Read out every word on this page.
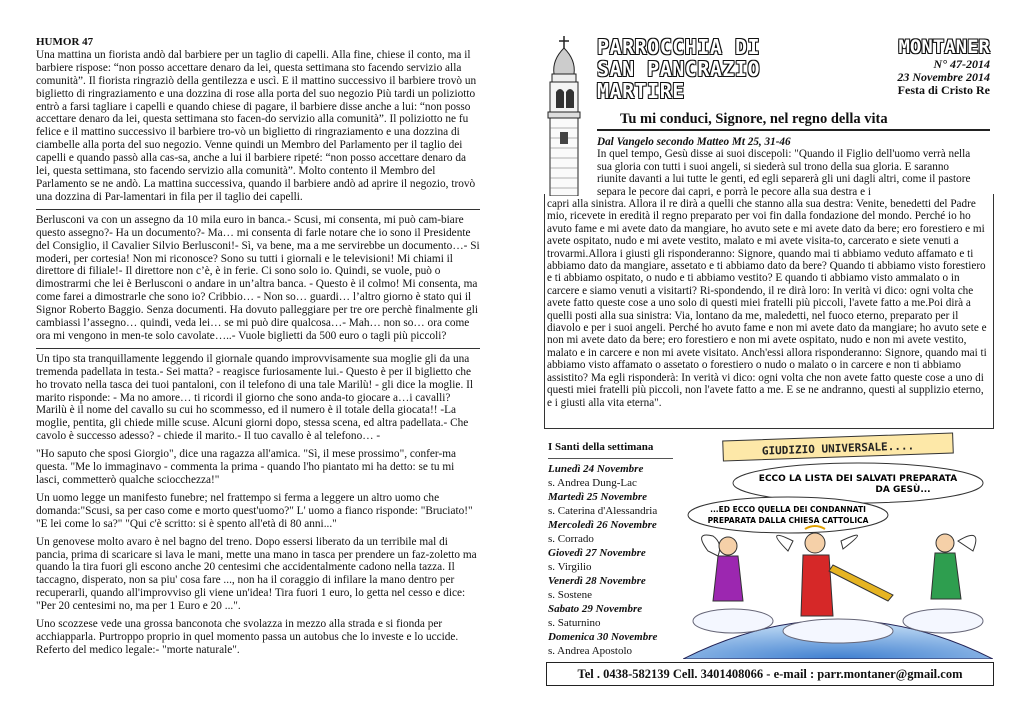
HUMOR 47

Una mattina un fiorista andò dal barbiere per un taglio di capelli. Alla fine, chiese il conto, ma il barbiere rispose: “non posso accettare denaro da lei, questa settimana sto facendo servizio alla comunità”. Il fiorista ringraziò della gentilezza e uscì. E il mattino successivo il barbiere trovò un biglietto di ringraziamento e una dozzina di rose alla porta del suo negozio Più tardi un poliziotto entrò a farsi tagliare i capelli e quando chiese di pagare, il barbiere disse anche a lui: “non posso accettare denaro da lei, questa settimana sto facen-do servizio alla comunità”. Il poliziotto ne fu felice e il mattino successivo il barbiere tro-vò un biglietto di ringraziamento e una dozzina di ciambelle alla porta del suo negozio. Venne quindi un Membro del Parlamento per il taglio dei capelli e quando passò alla cas-sa, anche a lui il barbiere ripeté: “non posso accettare denaro da lei, questa settimana, sto facendo servizio alla comunità”. Molto contento il Membro del Parlamento se ne andò. La mattina successiva, quando il barbiere andò ad aprire il negozio, trovò una dozzina di Par-lamentari in fila per il taglio dei capelli.

Berlusconi va con un assegno da 10 mila euro in banca.- Scusi, mi consenta, mi può cam-biare questo assegno?- Ha un documento?- Ma… mi consenta di farle notare che io sono il Presidente del Consiglio, il Cavalier Silvio Berlusconi!- Sì, va bene, ma a me servirebbe un documento…- Si moderi, per cortesia! Non mi riconosce? Sono su tutti i giornali e le televisioni! Mi chiami il direttore di filiale!- Il direttore non c’è, è in ferie. Ci sono solo io. Quindi, se vuole, può o dimostrarmi che lei è Berlusconi o andare in un’altra banca. - Questo è il colmo! Mi consenta, ma come farei a dimostrarle che sono io? Cribbio… - Non so… guardi… l’altro giorno è stato qui il Signor Roberto Baggio. Senza documenti. Ha dovuto palleggiare per tre ore perchè finalmente gli cambiassi l’assegno… quindi, veda lei… se mi può dire qualcosa…- Mah… non so… ora come ora mi vengono in men-te solo cavolate…..- Vuole biglietti da 500 euro o tagli più piccoli?

Un tipo sta tranquillamente leggendo il giornale quando improvvisamente sua moglie gli da una tremenda padellata in testa.- Sei matta? - reagisce furiosamente lui.- Questo è per il biglietto che ho trovato nella tasca dei tuoi pantaloni, con il telefono di una tale Marilù! - gli dice la moglie. Il marito risponde: - Ma no amore… ti ricordi il giorno che sono anda-to giocare a…i cavalli? Marilù è il nome del cavallo su cui ho scommesso, ed il numero è il totale della giocata!! -La moglie, pentita, gli chiede mille scuse. Alcuni giorni dopo, stessa scena, ed altra padellata.- Che cavolo è successo adesso? - chiede il marito.- Il tuo cavallo è al telefono… -

"Ho saputo che sposi Giorgio", dice una ragazza all'amica. "Sì, il mese prossimo", confer-ma questa. "Me lo immaginavo - commenta la prima - quando l'ho piantato mi ha detto: se tu mi lasci, commetterò qualche sciocchezza!"

Un uomo legge un manifesto funebre; nel frattempo si ferma a leggere un altro uomo che domanda:"Scusi, sa per caso come e morto quest'uomo?" L' uomo a fianco risponde: "Bruciato!" "E lei come lo sa?" "Qui c'è scritto: si è spento all'età di 80 anni..."

Un genovese molto avaro è nel bagno del treno. Dopo essersi liberato da un terribile mal di pancia, prima di scaricare si lava le mani, mette una mano in tasca per prendere un faz-zoletto ma quando la tira fuori gli escono anche 20 centesimi che accidentalmente cadono nella tazza. Il taccagno, disperato, non sa piu' cosa fare ..., non ha il coraggio di infilare la mano dentro per recuperarli, quando all'improvviso gli viene un'idea! Tira fuori 1 euro, lo getta nel cesso e dice: "Per 20 centesimi no, ma per 1 Euro e 20 ...".

Uno scozzese vede una grossa banconota che svolazza in mezzo alla strada e si fionda per acchiapparla. Purtroppo proprio in quel momento passa un autobus che lo investe e lo uccide. Referto del medico legale:- "morte naturale".

PARROCCHIA DI
SAN PANCRAZIO
MARTIRE
MONTANER
N° 47-2014
23 Novembre 2014
Festa di Cristo Re
Tu mi conduci, Signore, nel regno della vita
Dal Vangelo secondo Matteo Mt 25, 31-46
In quel tempo, Gesù disse ai suoi discepoli: "Quando il Figlio dell'uomo verrà nella sua gloria con tutti i suoi angeli, si siederà sul trono della sua gloria. E saranno riunite davanti a lui tutte le genti, ed egli separerà gli uni dagli altri, come il pastore separa le pecore dai capri, e porrà le pecore alla sua destra e i
capri alla sinistra. Allora il re dirà a quelli che stanno alla sua destra: Venite, benedetti del Padre mio, ricevete in eredità il regno preparato per voi fin dalla fondazione del mondo. Perché io ho avuto fame e mi avete dato da mangiare, ho avuto sete e mi avete dato da bere; ero forestiero e mi avete ospitato, nudo e mi avete vestito, malato e mi avete visita-to, carcerato e siete venuti a trovarmi.Allora i giusti gli risponderanno: Signore, quando mai ti abbiamo veduto affamato e ti abbiamo dato da mangiare, assetato e ti abbiamo dato da bere? Quando ti abbiamo visto forestiero e ti abbiamo ospitato, o nudo e ti abbiamo vestito? E quando ti abbiamo visto ammalato o in carcere e siamo venuti a visitarti? Ri-spondendo, il re dirà loro: In verità vi dico: ogni volta che avete fatto queste cose a uno solo di questi miei fratelli più piccoli, l'avete fatto a me.Poi dirà a quelli posti alla sua sinistra: Via, lontano da me, maledetti, nel fuoco eterno, preparato per il diavolo e per i suoi angeli. Perché ho avuto fame e non mi avete dato da mangiare; ho avuto sete e non mi avete dato da bere; ero forestiero e non mi avete ospitato, nudo e non mi avete vestito, malato e in carcere e non mi avete visitato. Anch'essi allora risponderanno: Signore, quando mai ti abbiamo visto affamato o assetato o forestiero o nudo o malato o in carcere e non ti abbiamo assistito? Ma egli risponderà: In verità vi dico: ogni volta che non avete fatto queste cose a uno di questi miei fratelli più piccoli, non l'avete fatto a me. E se ne andranno, questi al supplizio eterno, e i giusti alla vita eterna".
I Santi della settimana
Lunedì 24 Novembre
s. Andrea Dung-Lac
Martedì 25 Novembre
s. Caterina d'Alessandria
Mercoledì 26 Novembre
s. Corrado
Giovedì 27 Novembre
s. Virgilio
Venerdì 28 Novembre
s. Sostene
Sabato 29 Novembre
s. Saturnino
Domenica 30 Novembre
s. Andrea Apostolo
GIUDIZIO UNIVERSALE....
ECCO LA LISTA DEI SALVATI PREPARATA
DA GESÙ...
...ED ECCO QUELLA DEI CONDANNATI
PREPARATA DALLA CHIESA CATTOLICA
Tel . 0438-582139 Cell. 3401408066 - e-mail : parr.montaner@gmail.com
